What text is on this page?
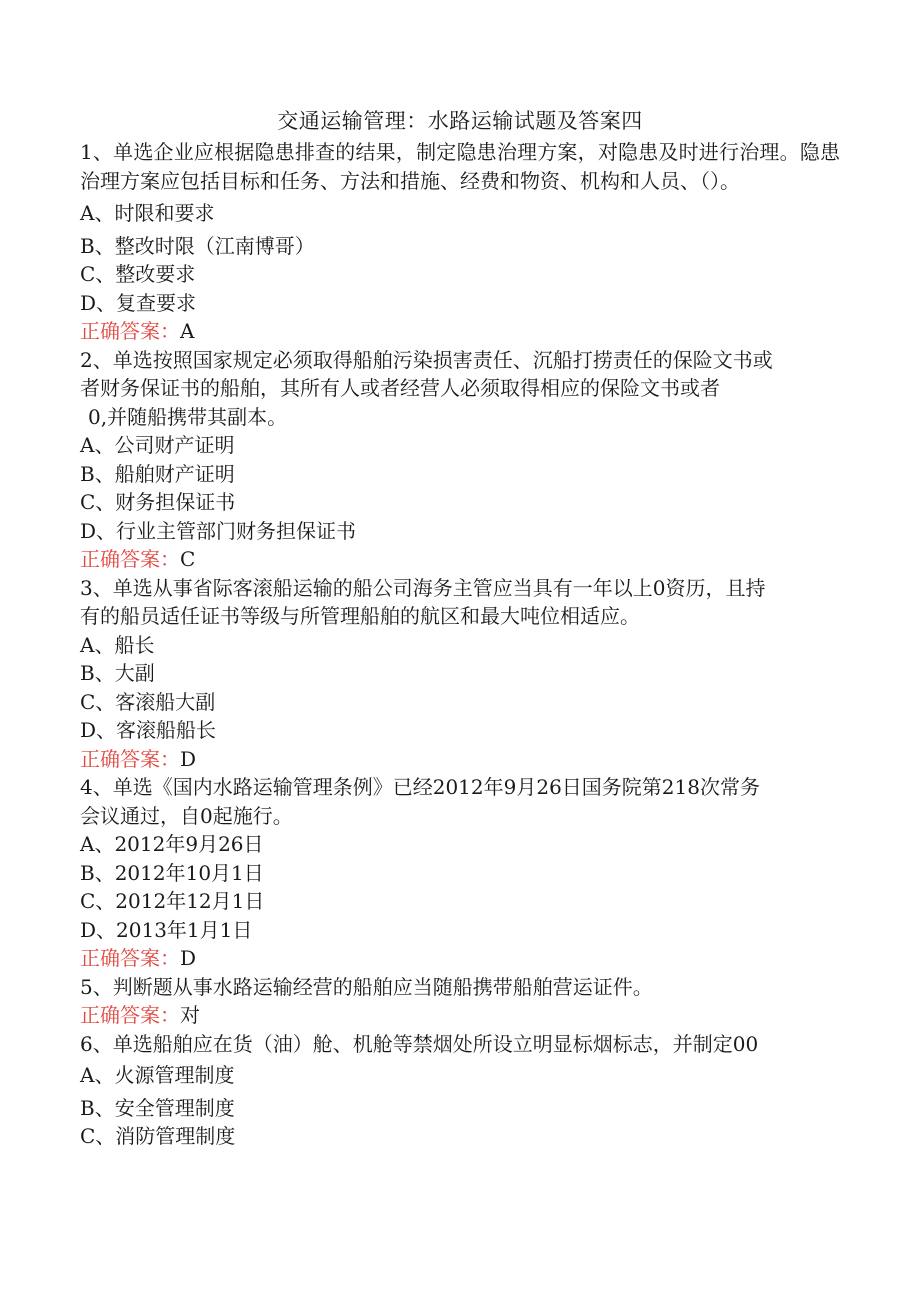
交通运输管理：水路运输试题及答案四

1、单选企业应根据隐患排查的结果，制定隐患治理方案，对隐患及时进行治理。隐患治理方案应包括目标和任务、方法和措施、经费和物资、机构和人员、（）。

A、时限和要求

B、整改时限（江南博哥）

C、整改要求

D、复查要求

正确答案：A

2、单选按照国家规定必须取得船舶污染损害责任、沉船打捞责任的保险文书或

者财务保证书的船舶，其所有人或者经营人必须取得相应的保险文书或者

0,并随船携带其副本。

A、公司财产证明

B、船舶财产证明

C、财务担保证书

D、行业主管部门财务担保证书

正确答案：C

3、单选从事省际客滚船运输的船公司海务主管应当具有一年以上0资历，且持

有的船员适任证书等级与所管理船舶的航区和最大吨位相适应。

A、船长

B、大副

C、客滚船大副

D、客滚船船长

正确答案：D

4、单选《国内水路运输管理条例》已经2012年9月26日国务院第218次常务

会议通过，自0起施行。

A、2012年9月26日

B、2012年10月1日

C、2012年12月1日

D、2013年1月1日

正确答案：D

5、判断题从事水路运输经营的船舶应当随船携带船舶营运证件。

正确答案：对

6、单选船舶应在货（油）舱、机舱等禁烟处所设立明显标烟标志，并制定00

A、火源管理制度

B、安全管理制度

C、消防管理制度
